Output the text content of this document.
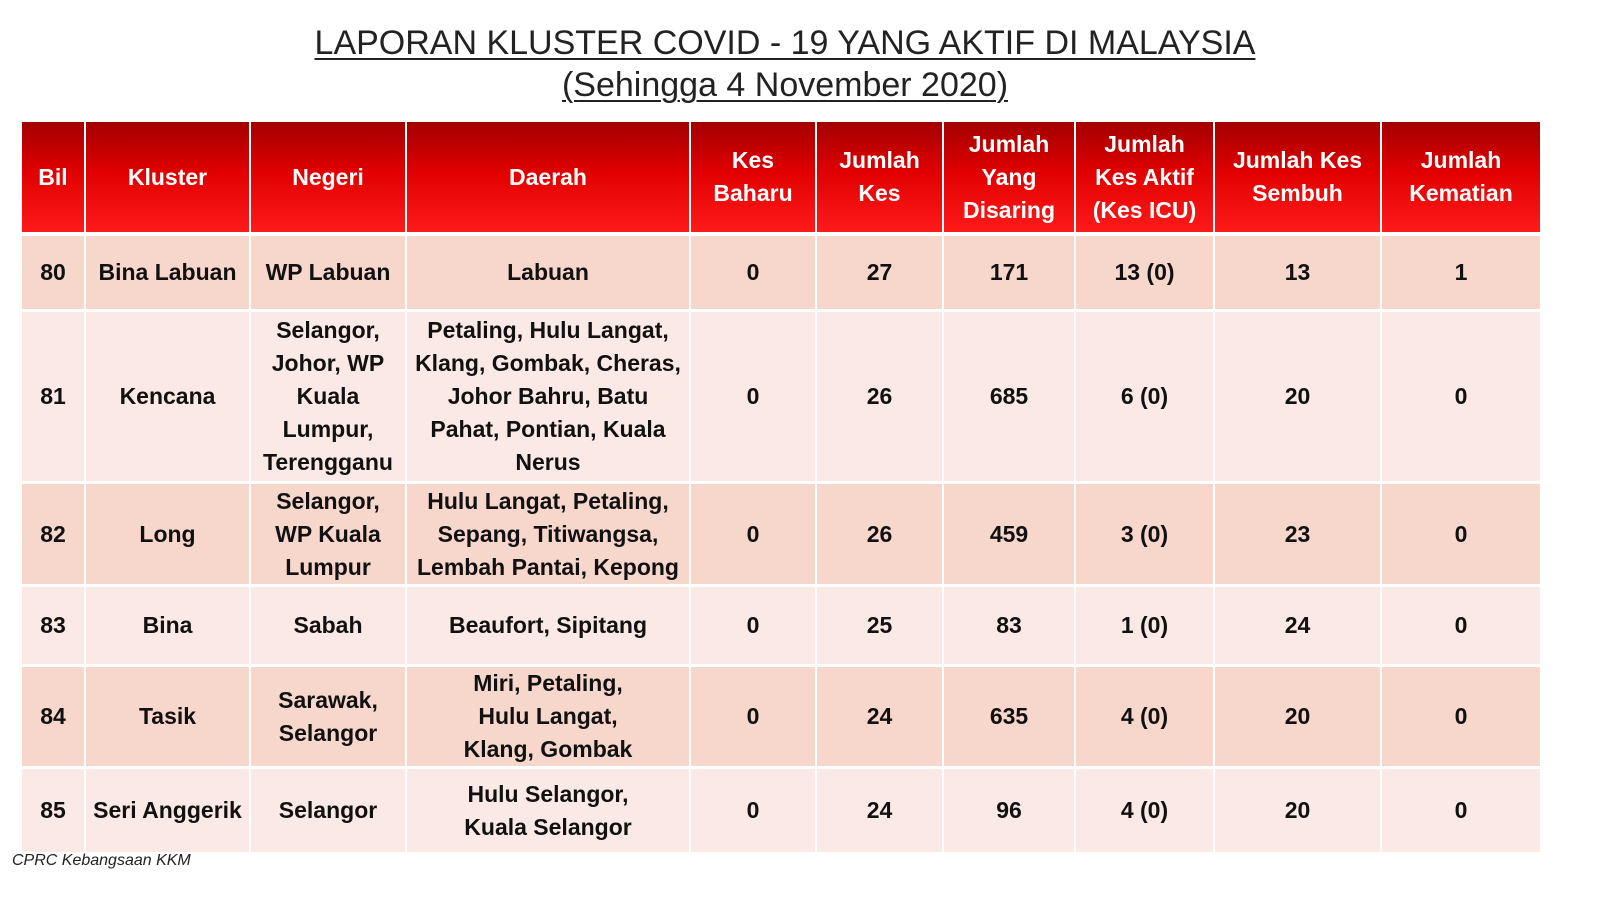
LAPORAN KLUSTER COVID - 19 YANG AKTIF DI MALAYSIA
(Sehingga 4 November 2020)
Bil	Kluster	Negeri	Daerah	Kes Baharu	Jumlah Kes	Jumlah Yang Disaring	Jumlah Kes Aktif (Kes ICU)	Jumlah Kes Sembuh	Jumlah Kematian
80	Bina Labuan	WP Labuan	Labuan	0	27	171	13 (0)	13	1
81	Kencana	Selangor, Johor, WP Kuala Lumpur, Terengganu	Petaling, Hulu Langat, Klang, Gombak, Cheras, Johor Bahru, Batu Pahat, Pontian, Kuala Nerus	0	26	685	6 (0)	20	0
82	Long	Selangor, WP Kuala Lumpur	Hulu Langat, Petaling, Sepang, Titiwangsa, Lembah Pantai, Kepong	0	26	459	3 (0)	23	0
83	Bina	Sabah	Beaufort, Sipitang	0	25	83	1 (0)	24	0
84	Tasik	Sarawak, Selangor	Miri, Petaling, Hulu Langat, Klang, Gombak	0	24	635	4 (0)	20	0
85	Seri Anggerik	Selangor	Hulu Selangor, Kuala Selangor	0	24	96	4 (0)	20	0
CPRC Kebangsaan KKM
